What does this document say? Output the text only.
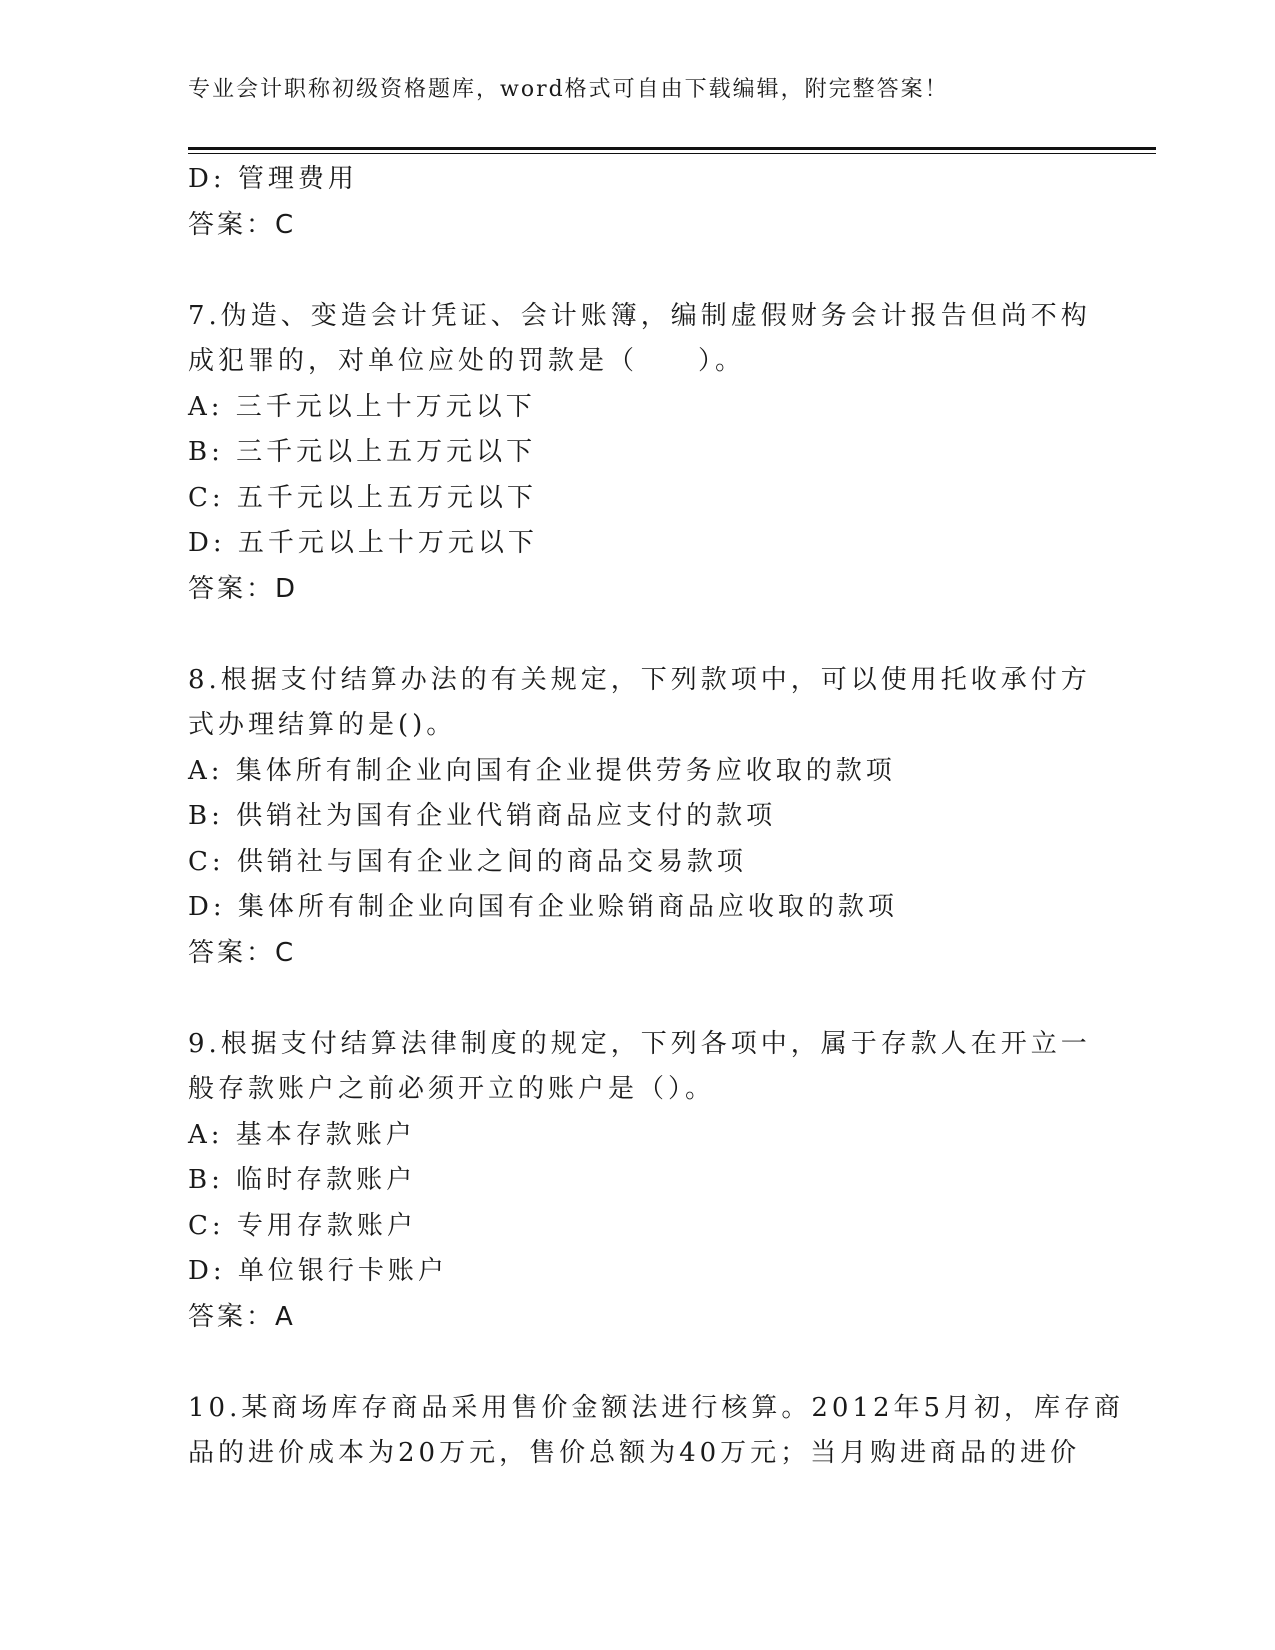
专业会计职称初级资格题库，word格式可自由下载编辑，附完整答案！
D: 管理费用
答案：C
7.伪造、变造会计凭证、会计账簿，编制虚假财务会计报告但尚不构
成犯罪的，对单位应处的罚款是（　　）。
A: 三千元以上十万元以下
B: 三千元以上五万元以下
C: 五千元以上五万元以下
D: 五千元以上十万元以下
答案：D
8.根据支付结算办法的有关规定，下列款项中，可以使用托收承付方
式办理结算的是()。
A: 集体所有制企业向国有企业提供劳务应收取的款项
B: 供销社为国有企业代销商品应支付的款项
C: 供销社与国有企业之间的商品交易款项
D: 集体所有制企业向国有企业赊销商品应收取的款项
答案：C
9.根据支付结算法律制度的规定，下列各项中，属于存款人在开立一
般存款账户之前必须开立的账户是（）。
A: 基本存款账户
B: 临时存款账户
C: 专用存款账户
D: 单位银行卡账户
答案：A
10.某商场库存商品采用售价金额法进行核算。2012年5月初，库存商
品的进价成本为20万元，售价总额为40万元；当月购进商品的进价
